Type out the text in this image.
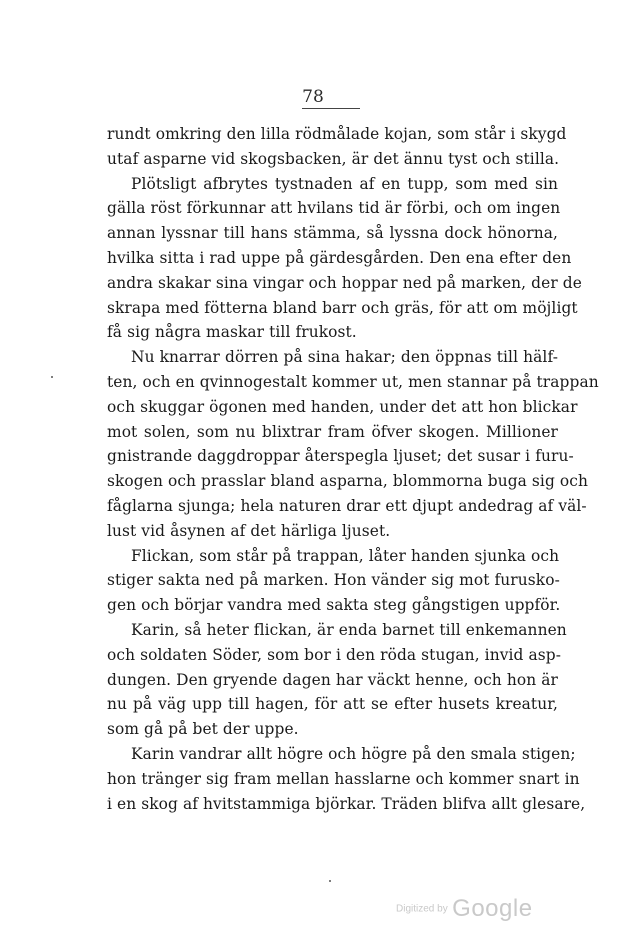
78
rundt omkring den lilla rödmålade kojan, som står i skygd
utaf asparne vid skogsbacken, är det ännu tyst och stilla.
Plötsligt afbrytes tystnaden af en tupp, som med sin
gälla röst förkunnar att hvilans tid är förbi, och om ingen
annan lyssnar till hans stämma, så lyssna dock hönorna,
hvilka sitta i rad uppe på gärdesgården. Den ena efter den
andra skakar sina vingar och hoppar ned på marken, der de
skrapa med fötterna bland barr och gräs, för att om möjligt
få sig några maskar till frukost.
Nu knarrar dörren på sina hakar; den öppnas till hälf-
ten, och en qvinnogestalt kommer ut, men stannar på trappan
och skuggar ögonen med handen, under det att hon blickar
mot solen, som nu blixtrar fram öfver skogen. Millioner
gnistrande daggdroppar återspegla ljuset; det susar i furu-
skogen och prasslar bland asparna, blommorna buga sig och
fåglarna sjunga; hela naturen drar ett djupt andedrag af väl-
lust vid åsynen af det härliga ljuset.
Flickan, som står på trappan, låter handen sjunka och
stiger sakta ned på marken. Hon vänder sig mot furusko-
gen och börjar vandra med sakta steg gångstigen uppför.
Karin, så heter flickan, är enda barnet till enkemannen
och soldaten Söder, som bor i den röda stugan, invid asp-
dungen. Den gryende dagen har väckt henne, och hon är
nu på väg upp till hagen, för att se efter husets kreatur,
som gå på bet der uppe.
Karin vandrar allt högre och högre på den smala stigen;
hon tränger sig fram mellan hasslarne och kommer snart in
i en skog af hvitstammiga björkar. Träden blifva allt glesare,
Digitized by Google
